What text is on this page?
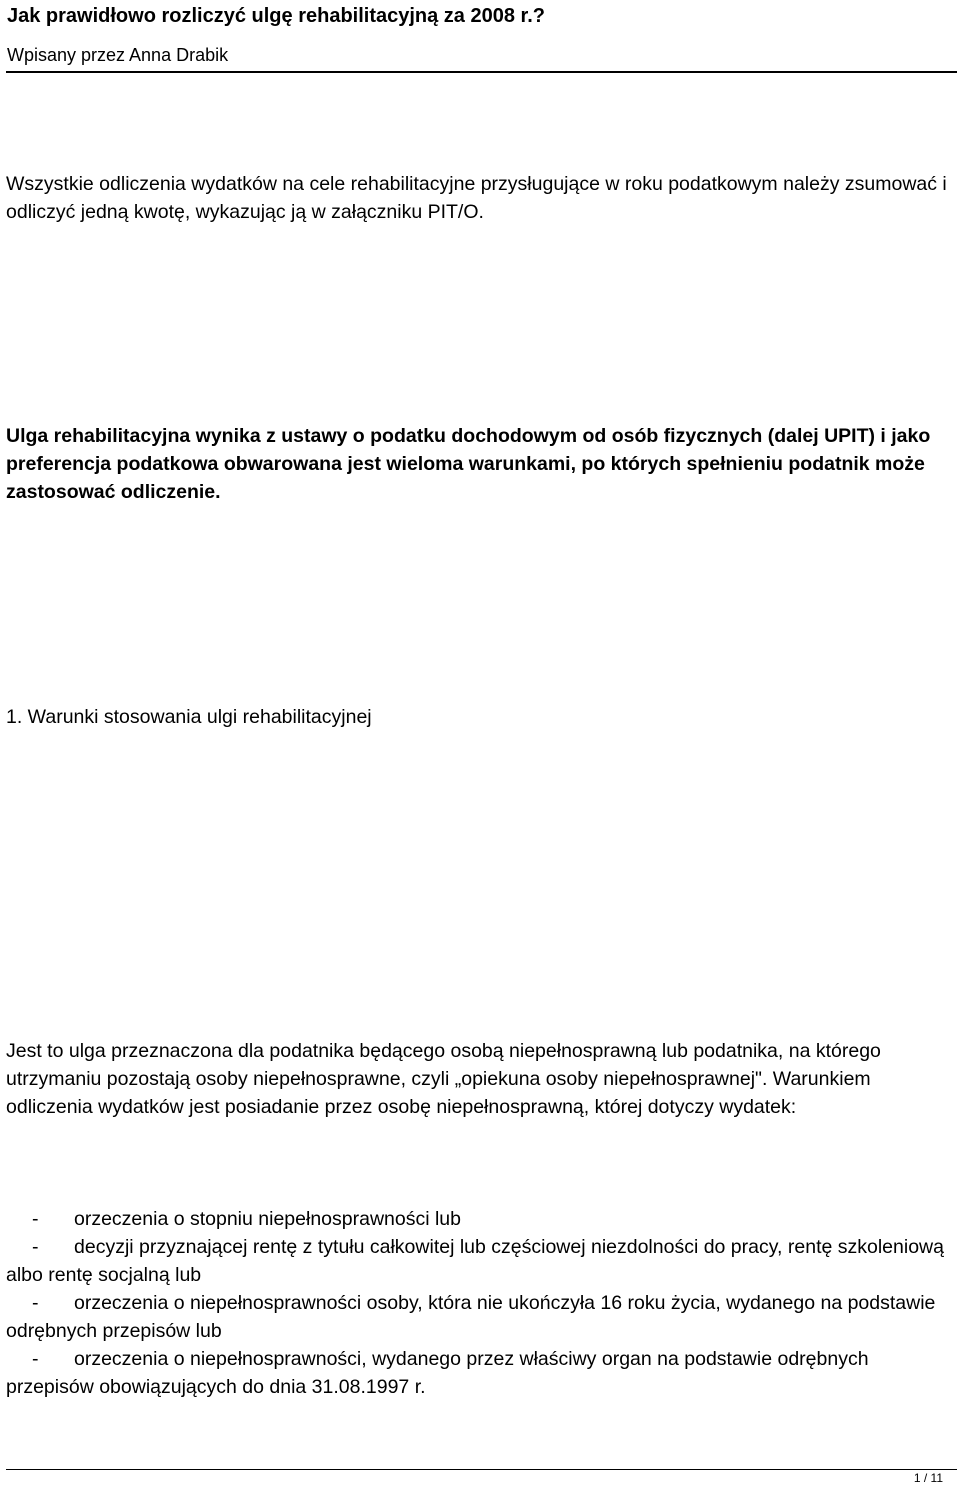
Jak prawidłowo rozliczyć ulgę rehabilitacyjną za 2008 r.?

Wpisany przez Anna Drabik

Wszystkie odliczenia wydatków na cele rehabilitacyjne przysługujące w roku podatkowym należy zsumować i odliczyć jedną kwotę, wykazując ją w załączniku PIT/O.

Ulga rehabilitacyjna wynika z ustawy o podatku dochodowym od osób fizycznych (dalej UPIT) i jako preferencja podatkowa obwarowana jest wieloma warunkami, po których spełnieniu podatnik może zastosować odliczenie.

1. Warunki stosowania ulgi rehabilitacyjnej

Jest to ulga przeznaczona dla podatnika będącego osobą niepełnosprawną lub podatnika, na którego utrzymaniu pozostają osoby niepełnosprawne, czyli „opiekuna osoby niepełnosprawnej". Warunkiem odliczenia wydatków jest posiadanie przez osobę niepełnosprawną, której dotyczy wydatek:

- orzeczenia o stopniu niepełnosprawności lub
- decyzji przyznającej rentę z tytułu całkowitej lub częściowej niezdolności do pracy, rentę szkoleniową albo rentę socjalną lub
- orzeczenia o niepełnosprawności osoby, która nie ukończyła 16 roku życia, wydanego na podstawie odrębnych przepisów lub
- orzeczenia o niepełnosprawności, wydanego przez właściwy organ na podstawie odrębnych przepisów obowiązujących do dnia 31.08.1997 r.

1 / 11
